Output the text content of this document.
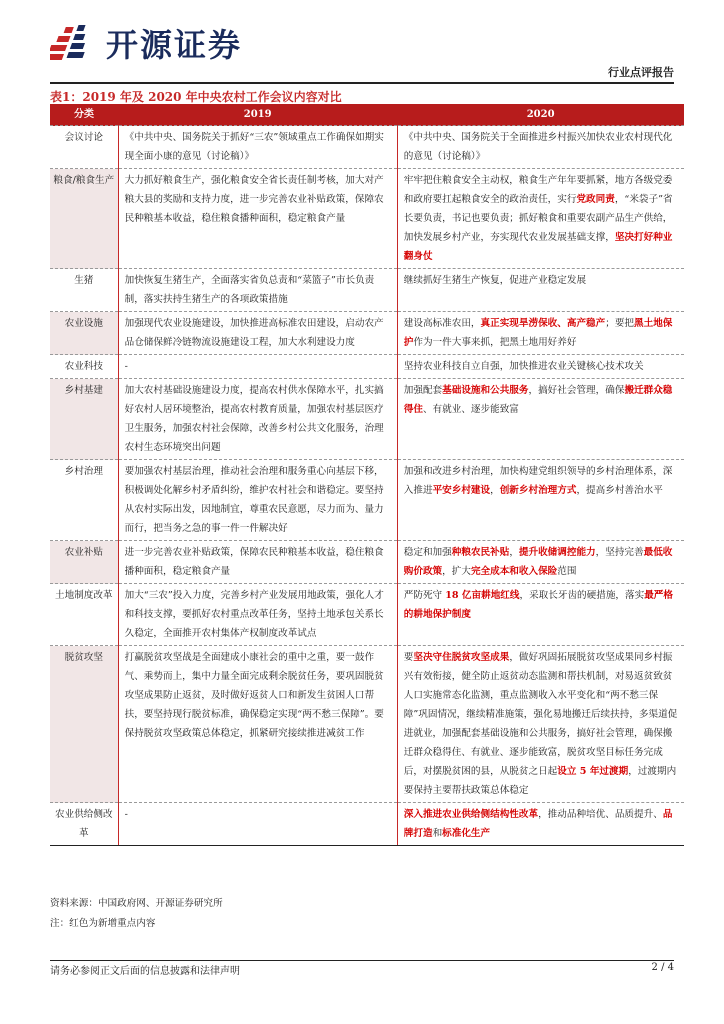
开源证券
行业点评报告
表1：2019 年及 2020 年中央农村工作会议内容对比
分类	2019	2020
会议讨论	《中共中央、国务院关于抓好“三农”领域重点工作确保如期实现全面小康的意见（讨论稿）》	《中共中央、国务院关于全面推进乡村振兴加快农业农村现代化的意见（讨论稿）》
粮食/粮食生产	大力抓好粮食生产，强化粮食安全省长责任制考核，加大对产粮大县的奖励和支持力度，进一步完善农业补贴政策，保障农民种粮基本收益，稳住粮食播种面积，稳定粮食产量	牢牢把住粮食安全主动权，粮食生产年年要抓紧，地方各级党委和政府要扛起粮食安全的政治责任，实行党政同责，“米袋子”省长要负责，书记也要负责；抓好粮食和重要农副产品生产供给，加快发展乡村产业，夯实现代农业发展基础支撑，坚决打好种业翻身仗
生猪	加快恢复生猪生产，全面落实省负总责和“菜篮子”市长负责制，落实扶持生猪生产的各项政策措施	继续抓好生猪生产恢复，促进产业稳定发展
农业设施	加强现代农业设施建设，加快推进高标准农田建设，启动农产品仓储保鲜冷链物流设施建设工程，加大水利建设力度	建设高标准农田，真正实现旱涝保收、高产稳产；要把黑土地保护作为一件大事来抓，把黑土地用好养好
农业科技	-	坚持农业科技自立自强，加快推进农业关键核心技术攻关
乡村基建	加大农村基础设施建设力度，提高农村供水保障水平，扎实搞好农村人居环境整治，提高农村教育质量，加强农村基层医疗卫生服务，加强农村社会保障，改善乡村公共文化服务，治理农村生态环境突出问题	加强配套基础设施和公共服务，搞好社会管理，确保搬迁群众稳得住、有就业、逐步能致富
乡村治理	要加强农村基层治理，推动社会治理和服务重心向基层下移，积极调处化解乡村矛盾纠纷，维护农村社会和谐稳定。要坚持从农村实际出发，因地制宜，尊重农民意愿，尽力而为、量力而行，把当务之急的事一件一件解决好	加强和改进乡村治理，加快构建党组织领导的乡村治理体系，深入推进平安乡村建设，创新乡村治理方式，提高乡村善治水平
农业补贴	进一步完善农业补贴政策，保障农民种粮基本收益，稳住粮食播种面积，稳定粮食产量	稳定和加强种粮农民补贴，提升收储调控能力，坚持完善最低收购价政策，扩大完全成本和收入保险范围
土地制度改革	加大“三农”投入力度，完善乡村产业发展用地政策，强化人才和科技支撑，要抓好农村重点改革任务，坚持土地承包关系长久稳定，全面推开农村集体产权制度改革试点	严防死守 18 亿亩耕地红线，采取长牙齿的硬措施，落实最严格的耕地保护制度
脱贫攻坚	打赢脱贫攻坚战是全面建成小康社会的重中之重，要一鼓作气、乘势而上，集中力量全面完成剩余脱贫任务，要巩固脱贫攻坚成果防止返贫，及时做好返贫人口和新发生贫困人口帮扶，要坚持现行脱贫标准，确保稳定实现“两不愁三保障”。要保持脱贫攻坚政策总体稳定，抓紧研究接续推进减贫工作	要坚决守住脱贫攻坚成果，做好巩固拓展脱贫攻坚成果同乡村振兴有效衔接，健全防止返贫动态监测和帮扶机制，对易返贫致贫人口实施常态化监测，重点监测收入水平变化和“两不愁三保障”巩固情况，继续精准施策，强化易地搬迁后续扶持，多渠道促进就业，加强配套基础设施和公共服务，搞好社会管理，确保搬迁群众稳得住、有就业、逐步能致富，脱贫攻坚目标任务完成后，对摆脱贫困的县，从脱贫之日起设立 5 年过渡期，过渡期内要保持主要帮扶政策总体稳定
农业供给侧改革	-	深入推进农业供给侧结构性改革，推动品种培优、品质提升、品牌打造和标准化生产
资料来源：中国政府网、开源证券研究所
注：红色为新增重点内容
请务必参阅正文后面的信息披露和法律声明	2 / 4
